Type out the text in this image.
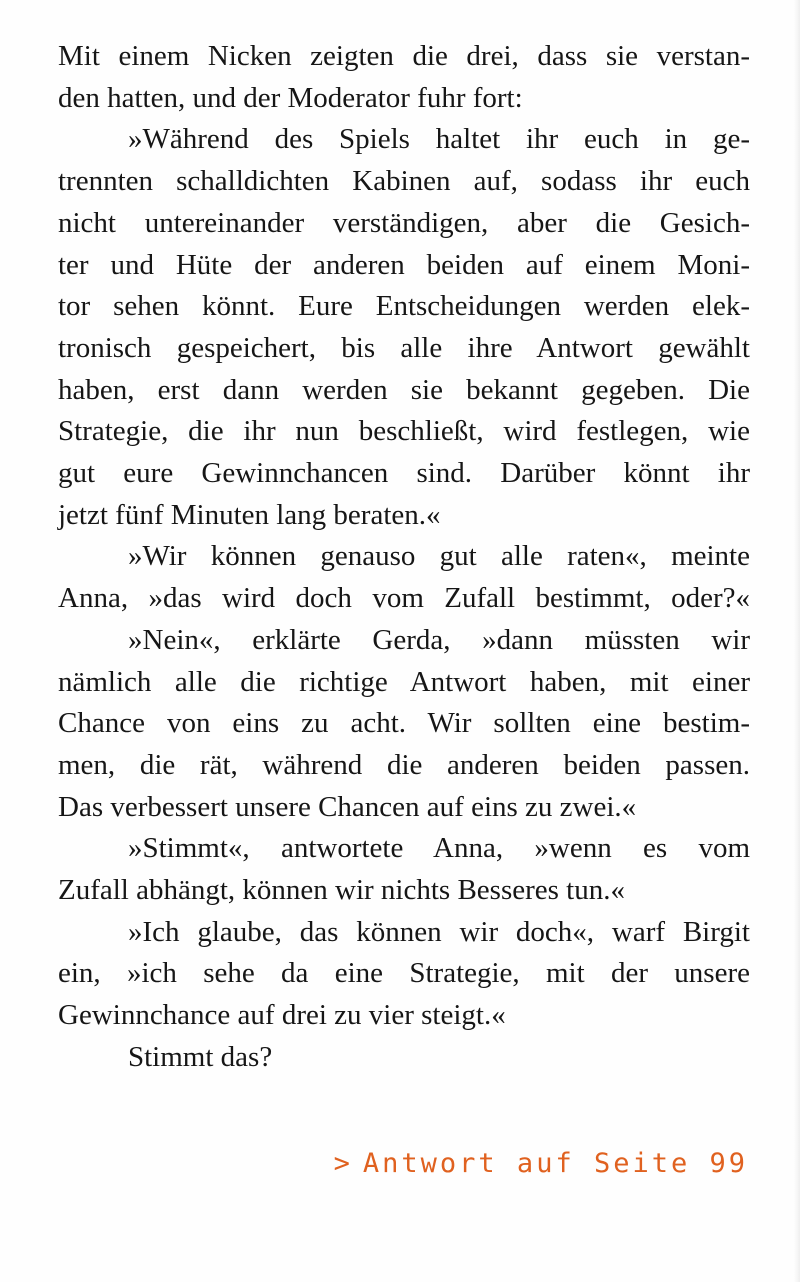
Mit einem Nicken zeigten die drei, dass sie verstan-
den hatten, und der Moderator fuhr fort:

»Während des Spiels haltet ihr euch in ge-
trennten schalldichten Kabinen auf, sodass ihr euch
nicht untereinander verständigen, aber die Gesich-
ter und Hüte der anderen beiden auf einem Moni-
tor sehen könnt. Eure Entscheidungen werden elek-
tronisch gespeichert, bis alle ihre Antwort gewählt
haben, erst dann werden sie bekannt gegeben. Die
Strategie, die ihr nun beschließt, wird festlegen, wie
gut eure Gewinnchancen sind. Darüber könnt ihr
jetzt fünf Minuten lang beraten.«

»Wir können genauso gut alle raten«, meinte
Anna, »das wird doch vom Zufall bestimmt, oder?«

»Nein«, erklärte Gerda, »dann müssten wir
nämlich alle die richtige Antwort haben, mit einer
Chance von eins zu acht. Wir sollten eine bestim-
men, die rät, während die anderen beiden passen.
Das verbessert unsere Chancen auf eins zu zwei.«

»Stimmt«, antwortete Anna, »wenn es vom
Zufall abhängt, können wir nichts Besseres tun.«

»Ich glaube, das können wir doch«, warf Birgit
ein, »ich sehe da eine Strategie, mit der unsere
Gewinnchance auf drei zu vier steigt.«

Stimmt das?

> Antwort auf Seite 99
